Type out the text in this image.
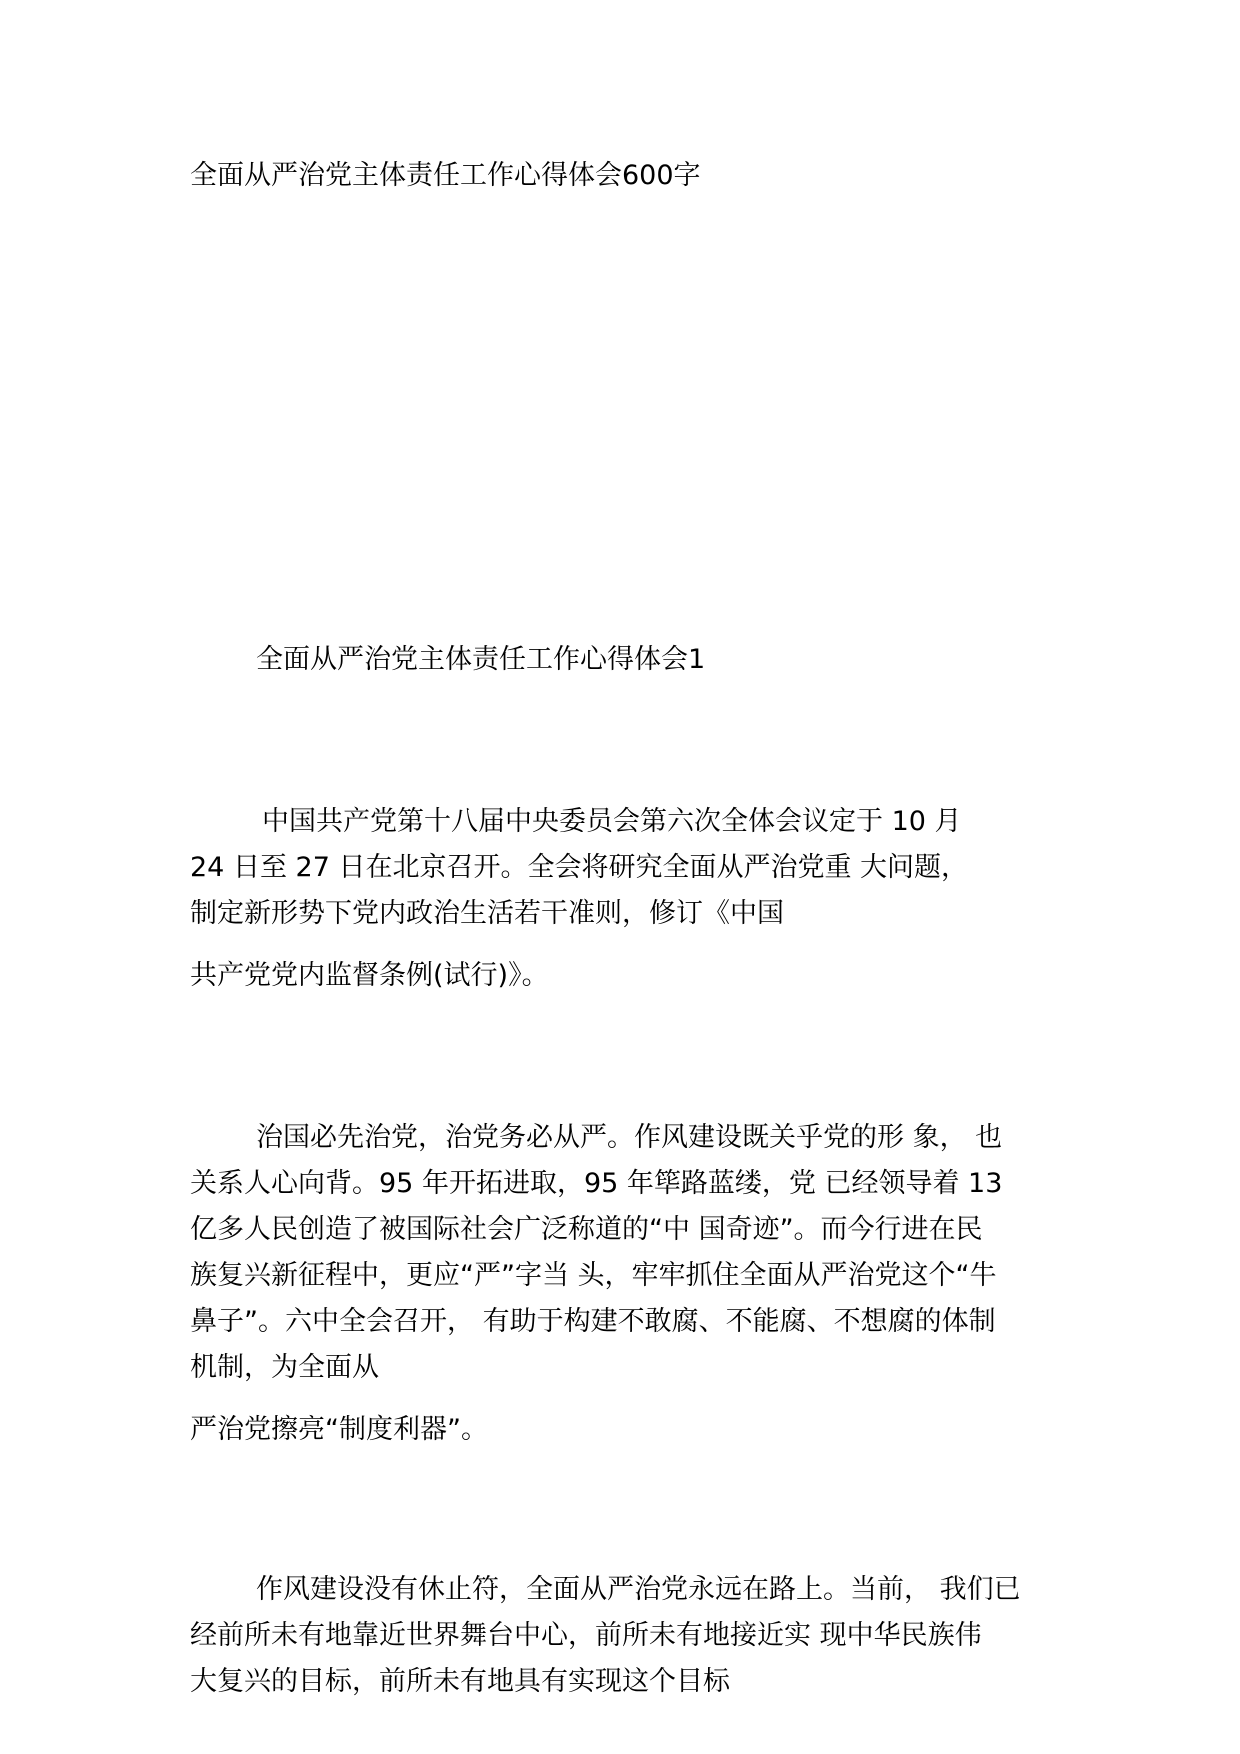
全面从严治党主体责任工作心得体会600字
全面从严治党主体责任工作心得体会1
中国共产党第十八届中央委员会第六次全体会议定于 10 月
24 日至 27 日在北京召开。全会将研究全面从严治党重 大问题，
制定新形势下党内政治生活若干准则，修订《中国
共产党党内监督条例(试行)》。
治国必先治党，治党务必从严。作风建设既关乎党的形 象， 也
关系人心向背。95 年开拓进取，95 年筚路蓝缕，党 已经领导着 13
亿多人民创造了被国际社会广泛称道的“中 国奇迹”。而今行进在民
族复兴新征程中，更应“严”字当 头，牢牢抓住全面从严治党这个“牛
鼻子”。六中全会召开， 有助于构建不敢腐、不能腐、不想腐的体制
机制，为全面从
严治党擦亮“制度利器”。
作风建设没有休止符，全面从严治党永远在路上。当前， 我们已
经前所未有地靠近世界舞台中心，前所未有地接近实 现中华民族伟
大复兴的目标，前所未有地具有实现这个目标
